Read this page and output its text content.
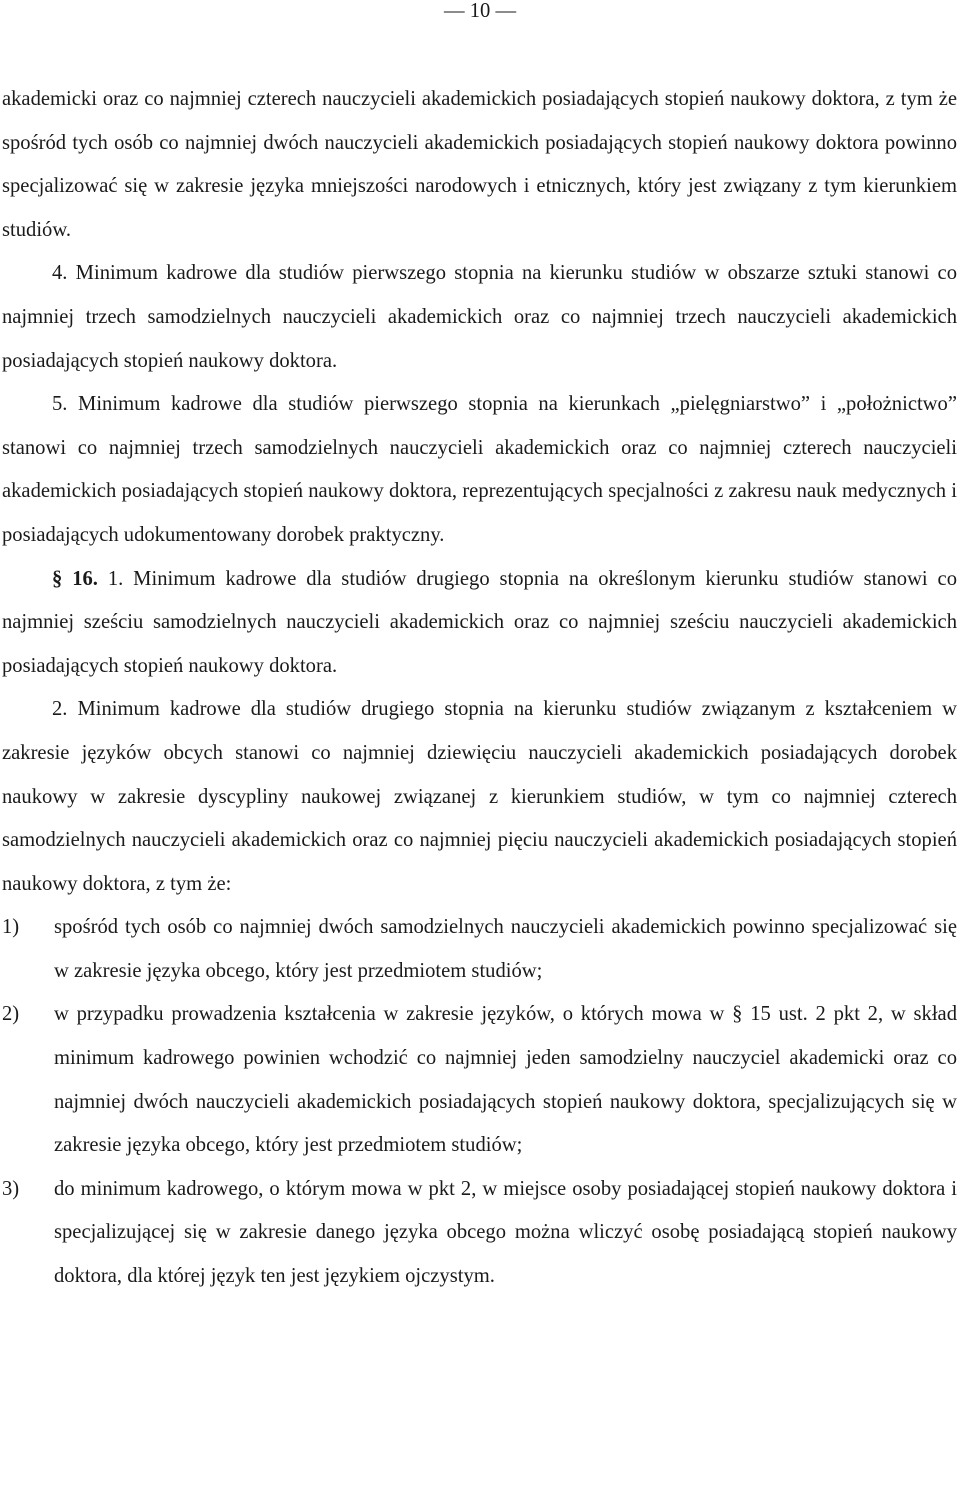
— 10 —

akademicki oraz co najmniej czterech nauczycieli akademickich posiadających stopień naukowy doktora, z tym że spośród tych osób co najmniej dwóch nauczycieli akademickich posiadających stopień naukowy doktora powinno specjalizować się w zakresie języka mniejszości narodowych i etnicznych, który jest związany z tym kierunkiem studiów.

4. Minimum kadrowe dla studiów pierwszego stopnia na kierunku studiów w obszarze sztuki stanowi co najmniej trzech samodzielnych nauczycieli akademickich oraz co najmniej trzech nauczycieli akademickich posiadających stopień naukowy doktora.

5. Minimum kadrowe dla studiów pierwszego stopnia na kierunkach „pielęgniarstwo” i „położnictwo” stanowi co najmniej trzech samodzielnych nauczycieli akademickich oraz co najmniej czterech nauczycieli akademickich posiadających stopień naukowy doktora, reprezentujących specjalności z zakresu nauk medycznych i posiadających udokumentowany dorobek praktyczny.

§ 16. 1. Minimum kadrowe dla studiów drugiego stopnia na określonym kierunku studiów stanowi co najmniej sześciu samodzielnych nauczycieli akademickich oraz co najmniej sześciu nauczycieli akademickich posiadających stopień naukowy doktora.

2. Minimum kadrowe dla studiów drugiego stopnia na kierunku studiów związanym z kształceniem w zakresie języków obcych stanowi co najmniej dziewięciu nauczycieli akademickich posiadających dorobek naukowy w zakresie dyscypliny naukowej związanej z kierunkiem studiów, w tym co najmniej czterech samodzielnych nauczycieli akademickich oraz co najmniej pięciu nauczycieli akademickich posiadających stopień naukowy doktora, z tym że:

1) spośród tych osób co najmniej dwóch samodzielnych nauczycieli akademickich powinno specjalizować się w zakresie języka obcego, który jest przedmiotem studiów;
2) w przypadku prowadzenia kształcenia w zakresie języków, o których mowa w § 15 ust. 2 pkt 2, w skład minimum kadrowego powinien wchodzić co najmniej jeden samodzielny nauczyciel akademicki oraz co najmniej dwóch nauczycieli akademickich posiadających stopień naukowy doktora, specjalizujących się w zakresie języka obcego, który jest przedmiotem studiów;
3) do minimum kadrowego, o którym mowa w pkt 2, w miejsce osoby posiadającej stopień naukowy doktora i specjalizującej się w zakresie danego języka obcego można wliczyć osobę posiadającą stopień naukowy doktora, dla której język ten jest językiem ojczystym.
